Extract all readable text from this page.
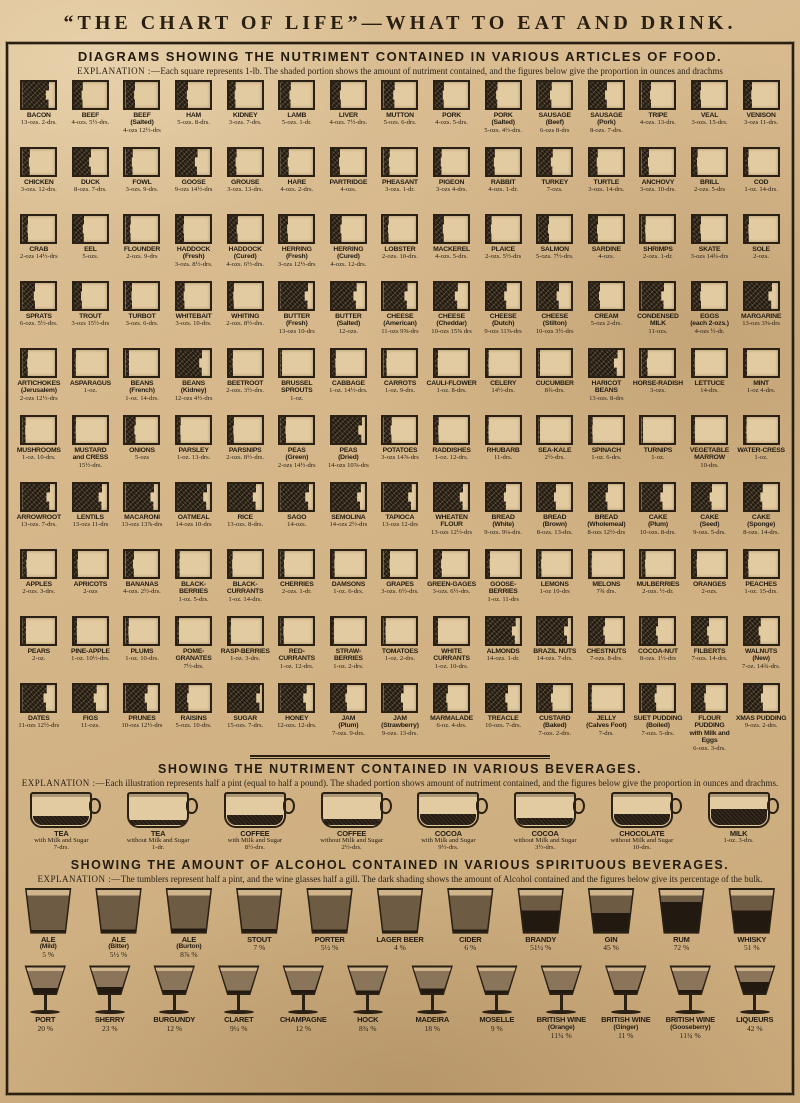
“THE CHART OF LIFE”—WHAT TO EAT AND DRINK.
DIAGRAMS SHOWING THE NUTRIMENT CONTAINED IN VARIOUS ARTICLES OF FOOD.
EXPLANATION :—Each square represents 1-lb. The shaded portion shows the amount of nutriment contained, and the figures below give the proportion in ounces and drachms
BACON
13-ozs. 2-drs.
BEEF
4-ozs. 5½-drs.
BEEF
(Salted)
4-ozs 12½-drs
HAM
5-ozs. 8-drs.
KIDNEY
3-ozs. 7-drs.
LAMB
5-ozs. 1-dr.
LIVER
4-ozs. 7½-drs.
MUTTON
5-ozs. 6-drs.
PORK
4-ozs. 5-drs.
PORK
(Salted)
5-ozs. 4½-drs.
SAUSAGE
(Beef)
6-ozs 8-drs
SAUSAGE
(Pork)
8-ozs. 7-drs.
TRIPE
4-ozs. 13-drs.
VEAL
3-ozs. 15-drs.
VENISON
3-ozs 11-drs.
CHICKEN
3-ozs. 12-drs.
DUCK
8-ozs. 7-drs.
FOWL
3-ozs. 9-drs.
GOOSE
9-ozs 14½-drs
GROUSE
3-ozs. 13-drs.
HARE
4-ozs. 2-drs.
PARTRIDGE
4-ozs.
PHEASANT
3-ozs. 1-dr.
PIGEON
3-ozs 4-drs.
RABBIT
4-ozs. 1-dr.
TURKEY
7-ozs.
TURTLE
3-ozs. 14-drs.
ANCHOVY
3-ozs. 10-drs.
BRILL
2-ozs. 5-drs
COD
1-oz. 14-drs.
CRAB
2-ozs 14½-drs
EEL
5-ozs.
FLOUNDER
2-ozs. 9-drs
HADDOCK
(Fresh)
3-ozs. 8½-drs.
HADDOCK
(Cured)
4-ozs. 6½-drs.
HERRING
(Fresh)
3-ozs 12½-drs
HERRING
(Cured)
4-ozs. 12-drs.
LOBSTER
2-ozs. 10-drs.
MACKEREL
4-ozs. 5-drs.
PLAICE
2-ozs. 5½-drs
SALMON
5-ozs. 7½-drs.
SARDINE
4-ozs.
SHRIMPS
2-ozs. 1-dr.
SKATE
3-ozs 14¾-drs
SOLE
2-ozs.
SPRATS
6-ozs. 5½-drs.
TROUT
3-ozs 15½-drs
TURBOT
3-ozs. 6-drs.
WHITEBAIT
3-ozs. 10-drs.
WHITING
2-ozs. 8½-drs.
BUTTER
(Fresh)
13-ozs 10-drs
BUTTER
(Salted)
12-ozs.
CHEESE
(American)
11-ozs 9⅝-drs
CHEESE
(Cheddar)
10-ozs 15⅝ drs
CHEESE
(Dutch)
9-ozs 11⅝-drs
CHEESE
(Stilton)
10-ozs 3½-drs
CREAM
5-ozs 2-drs.
CONDENSED MILK
11-ozs.
EGGS
(each 2-ozs.)
4-ozs ½-dr.
MARGARINE
13-ozs 3⅝-drs
ARTICHOKES
(Jerusalem)
2-ozs 12½-drs
ASPARAGUS
1-oz.
BEANS
(French)
1-oz. 14-drs.
BEANS
(Kidney)
12-ozs 4½-drs
BEETROOT
2-ozs. 3½-drs.
BRUSSEL SPROUTS
1-oz.
CABBAGE
1-oz. 14½-drs.
CARROTS
1-oz. 9-drs.
CAULI-FLOWER
1-oz. 8-drs.
CELERY
14½-drs.
CUCUMBER
8¾-drs.
HARICOT BEANS
13-ozs. 8-drs
HORSE-RADISH
3-ozs.
LETTUCE
14-drs.
MINT
1-oz 4-drs.
MUSHROOMS
1-oz. 10-drs.
MUSTARD
and CRESS
15½-drs.
ONIONS
5-ozs
PARSLEY
1-oz. 13-drs.
PARSNIPS
2-ozs. 8½-drs.
PEAS
(Green)
2-ozs 14½-drs
PEAS
(Dried)
14-ozs 10⅞-drs
POTATOES
3-ozs 14⅞-drs
RADDISHES
1-oz. 12-drs.
RHUBARB
11-drs.
SEA-KALE
2½-drs.
SPINACH
1-oz. 6-drs.
TURNIPS
1-oz.
VEGETABLE MARROW
10-drs.
WATER-CRESS
1-oz.
ARROWROOT
13-ozs. 7-drs.
LENTILS
13-ozs 11-drs
MACARONI
13-ozs 13⅞-drs
OATMEAL
14-ozs 10-drs
RICE
13-ozs. 8-drs.
SAGO
14-ozs.
SEMOLINA
14-ozs 2½-drs
TAPIOCA
13-ozs 12-drs
WHEATEN FLOUR
13-ozs 12½-drs
BREAD
(White)
9-ozs. 9¼-drs.
BREAD
(Brown)
8-ozs. 13-drs.
BREAD
(Wholemeal)
8-ozs 12½-drs
CAKE
(Plum)
10-ozs. 8-drs.
CAKE
(Seed)
9-ozs. 5-drs.
CAKE
(Sponge)
8-ozs. 14-drs.
APPLES
2-ozs. 3-drs.
APRICOTS
2-ozs
BANANAS
4-ozs. 2½-drs.
BLACK-BERRIES
1-oz. 5-drs.
BLACK-CURRANTS
1-oz. 14-drs.
CHERRIES
2-ozs. 1-dr.
DAMSONS
1-oz. 6-drs.
GRAPES
3-ozs. 6½-drs.
GREEN-GAGES
3-ozs. 6½-drs.
GOOSE-BERRIES
1-oz. 11-drs
LEMONS
1-oz 10-drs
MELONS
7¾ drs.
MULBERRIES
2-ozs. ½-dr.
ORANGES
2-ozs.
PEACHES
1-oz. 15-drs.
PEARS
2-oz.
PINE-APPLE
1-oz. 10½-drs.
PLUMS
1-oz. 10-drs.
POME-GRANATES
7½-drs.
RASP-BERRIES
1-oz. 3-drs.
RED-CURRANTS
1-oz. 12-drs.
STRAW-BERRIES
1-oz. 2-drs.
TOMATOES
1-oz. 2-drs.
WHITE CURRANTS
1-oz. 10-drs.
ALMONDS
14-ozs. 1-dr.
BRAZIL NUTS
14-ozs. 7-drs.
CHESTNUTS
7-ozs. 8-drs.
COCOA-NUT
8-ozs. 1½-drs
FILBERTS
7-ozs. 14-drs.
WALNUTS
(New)
7-oz. 14¾-drs.
DATES
11-ozs 12½-drs
FIGS
11-ozs.
PRUNES
10-ozs 12½-drs
RAISINS
5-ozs. 10-drs.
SUGAR
15-ozs. 7-drs.
HONEY
12-ozs. 12-drs.
JAM
(Plum)
7-ozs. 9-drs.
JAM
(Strawberry)
9-ozs. 13-drs.
MARMALADE
6-oz. 4-drs.
TREACLE
10-ozs. 7-drs.
CUSTARD
(Baked)
7-ozs. 2-drs.
JELLY
(Calves Foot)
7-drs.
SUET PUDDING
(Boiled)
7-ozs. 5-drs.
FLOUR PUDDING
with Milk and Eggs
6-ozs. 3-drs.
XMAS PUDDING
9-ozs. 2-drs.
SHOWING THE NUTRIMENT CONTAINED IN VARIOUS BEVERAGES.
EXPLANATION :—Each illustration represents half a pint (equal to half a pound). The shaded portion shows amount of nutriment contained, and the figures below give the proportion in ounces and drachms.
TEA
with Milk and Sugar
7-drs.
TEA
without Milk and Sugar
1-dr.
COFFEE
with Milk and Sugar
8½-drs.
COFFEE
without Milk and Sugar
2½-drs.
COCOA
with Milk and Sugar
9½-drs.
COCOA
without Milk and Sugar
3½-drs.
CHOCOLATE
without Milk and Sugar
10-drs.
MILK
1-oz. 3-drs.
SHOWING THE AMOUNT OF ALCOHOL CONTAINED IN VARIOUS SPIRITUOUS BEVERAGES.
EXPLANATION :—The tumblers represent half a pint, and the wine glasses half a gill. The dark shading shows the amount of Alcohol contained and the figures below give its percentage of the bulk.
ALE
(Mild)
5 %
ALE
(Bitter)
5½ %
ALE
(Burton)
8⅞ %
STOUT
7 %
PORTER
5½ %
LAGER BEER
4 %
CIDER
6 %
BRANDY
51½ %
GIN
45 %
RUM
72 %
WHISKY
51 %
PORT
20 %
SHERRY
23 %
BURGUNDY
12 %
CLARET
9½ %
CHAMPAGNE
12 %
HOCK
8¾ %
MADEIRA
18 %
MOSELLE
9 %
BRITISH WINE
(Orange)
11¾ %
BRITISH WINE
(Ginger)
11 %
BRITISH WINE
(Gooseberry)
11¾ %
LIQUEURS
42 %
